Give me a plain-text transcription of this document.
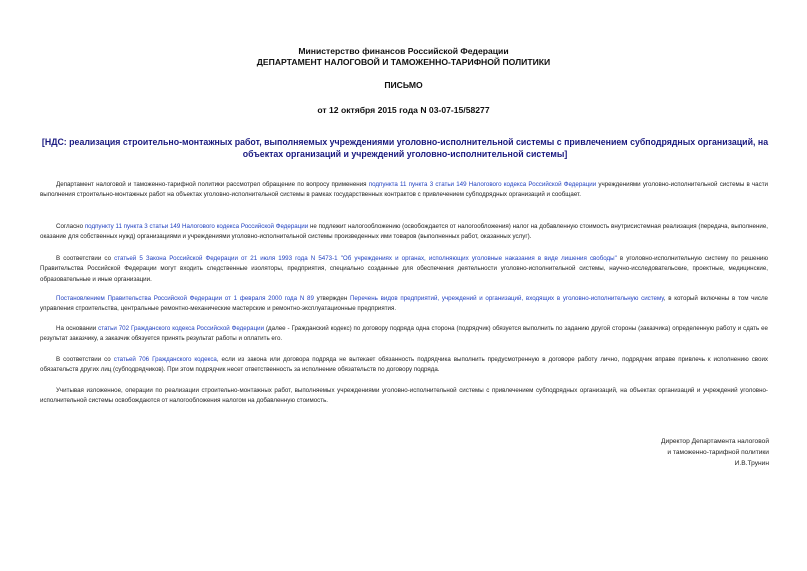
Министерство финансов Российской Федерации
ДЕПАРТАМЕНТ НАЛОГОВОЙ И ТАМОЖЕННО-ТАРИФНОЙ ПОЛИТИКИ
ПИСЬМО
от 12 октября 2015 года N 03-07-15/58277
[НДС: реализация строительно-монтажных работ, выполняемых учреждениями уголовно-исполнительной системы с привлечением субподрядных организаций, на объектах организаций и учреждений уголовно-исполнительной системы]

Департамент налоговой и таможенно-тарифной политики рассмотрел обращение по вопросу применения подпункта 11 пункта 3 статьи 149 Налогового кодекса Российской Федерации учреждениями уголовно-исполнительной системы в части выполнения строительно-монтажных работ на объектах уголовно-исполнительной системы в рамках государственных контрактов с привлечением субподрядных организаций и сообщает.

Согласно подпункту 11 пункта 3 статьи 149 Налогового кодекса Российской Федерации не подлежит налогообложению (освобождается от налогообложения) налог на добавленную стоимость внутрисистемная реализация (передача, выполнение, оказание для собственных нужд) организациями и учреждениями уголовно-исполнительной системы произведенных ими товаров (выполненных работ, оказанных услуг).

В соответствии со статьей 5 Закона Российской Федерации от 21 июля 1993 года N 5473-1 "Об учреждениях и органах, исполняющих уголовные наказания в виде лишения свободы" в уголовно-исполнительную систему по решению Правительства Российской Федерации могут входить следственные изоляторы, предприятия, специально созданные для обеспечения деятельности уголовно-исполнительной системы, научно-исследовательские, проектные, медицинские, образовательные и иные организации.

Постановлением Правительства Российской Федерации от 1 февраля 2000 года N 89 утвержден Перечень видов предприятий, учреждений и организаций, входящих в уголовно-исполнительную систему, в который включены в том числе управления строительства, центральные ремонтно-механические мастерские и ремонтно-эксплуатационные предприятия.

На основании статьи 702 Гражданского кодекса Российской Федерации (далее - Гражданский кодекс) по договору подряда одна сторона (подрядчик) обязуется выполнить по заданию другой стороны (заказчика) определенную работу и сдать ее результат заказчику, а заказчик обязуется принять результат работы и оплатить его.

В соответствии со статьей 706 Гражданского кодекса, если из закона или договора подряда не вытекает обязанность подрядчика выполнить предусмотренную в договоре работу лично, подрядчик вправе привлечь к исполнению своих обязательств других лиц (субподрядчиков). При этом подрядчик несет ответственность за исполнение обязательств по договору подряда.

Учитывая изложенное, операции по реализации строительно-монтажных работ, выполняемых учреждениями уголовно-исполнительной системы с привлечением субподрядных организаций, на объектах организаций и учреждений уголовно-исполнительной системы освобождаются от налогообложения налогом на добавленную стоимость.

Директор Департамента налоговой
и таможенно-тарифной политики
И.В.Трунин
